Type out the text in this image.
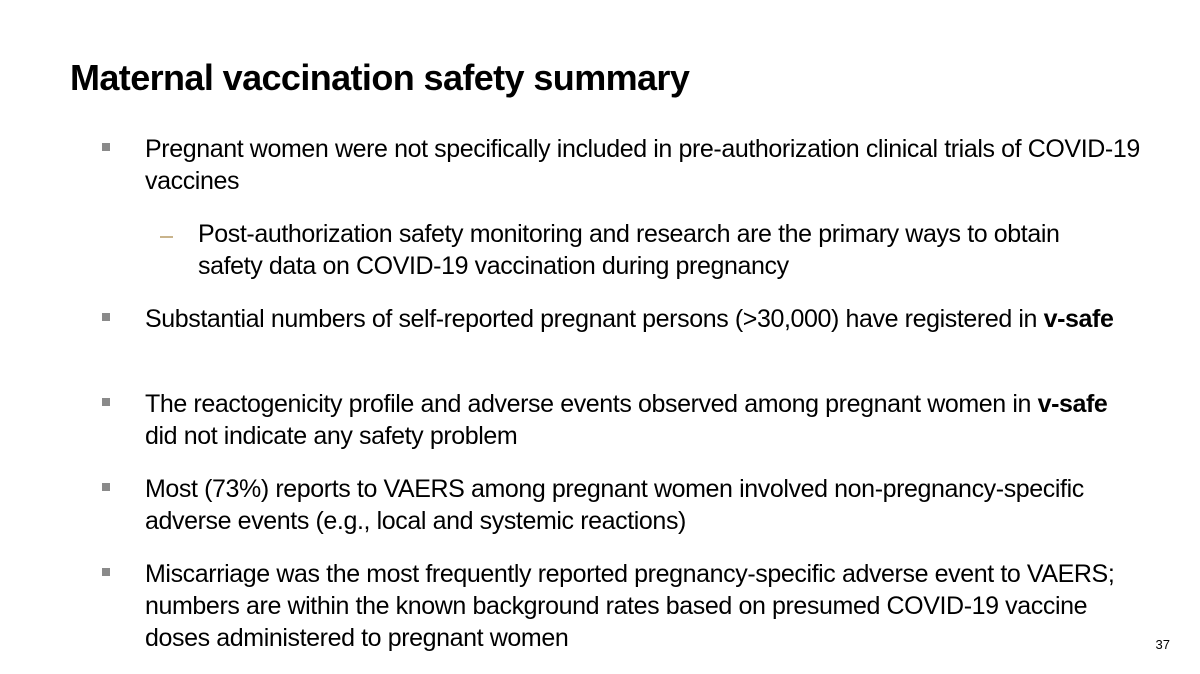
Maternal vaccination safety summary
Pregnant women were not specifically included in pre-authorization clinical trials of COVID-19 vaccines
Post-authorization safety monitoring and research are the primary ways to obtain safety data on COVID-19 vaccination during pregnancy
Substantial numbers of self-reported pregnant persons (>30,000) have registered in v-safe
The reactogenicity profile and adverse events observed among pregnant women in v-safe did not indicate any safety problem
Most (73%) reports to VAERS among pregnant women involved non-pregnancy-specific adverse events (e.g., local and systemic reactions)
Miscarriage was the most frequently reported pregnancy-specific adverse event to VAERS; numbers are within the known background rates based on presumed COVID-19 vaccine doses administered to pregnant women	37
